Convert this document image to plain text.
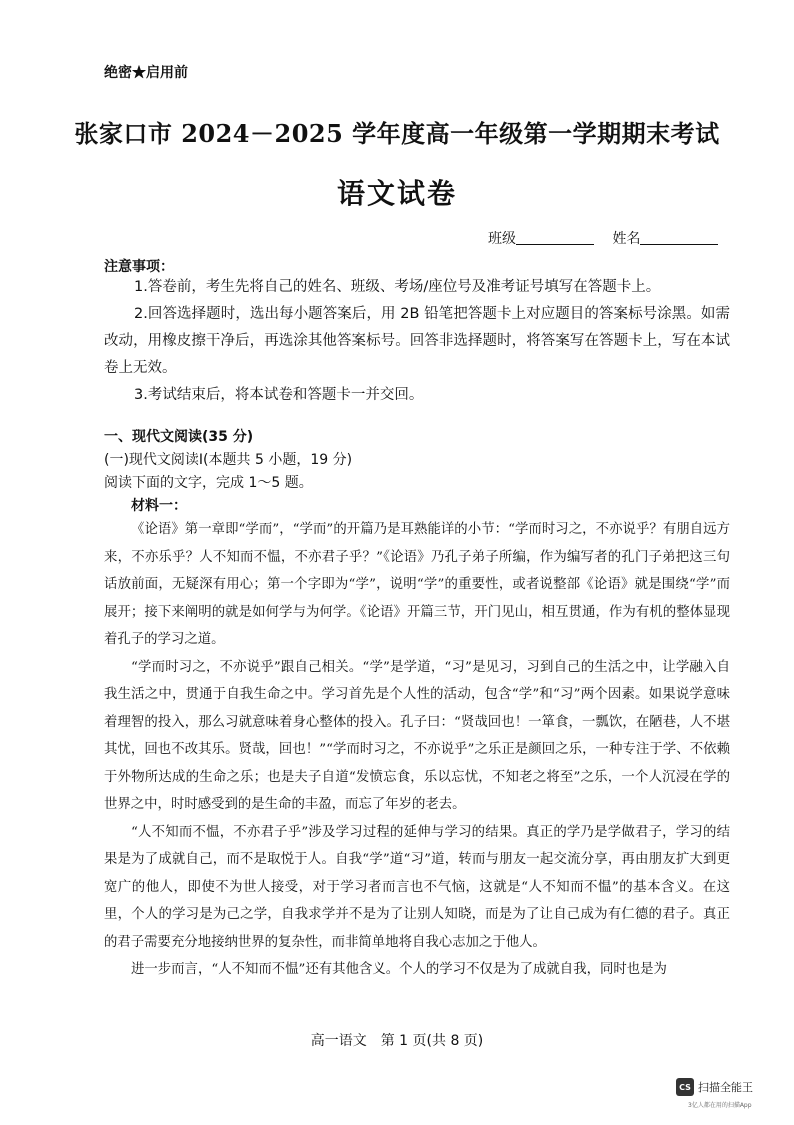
绝密★启用前
张家口市 2024－2025 学年度高一年级第一学期期末考试
语文试卷
班级	姓名
注意事项：

1.答卷前，考生先将自己的姓名、班级、考场/座位号及准考证号填写在答题卡上。

2.回答选择题时，选出每小题答案后，用 2B 铅笔把答题卡上对应题目的答案标号涂黑。如需改动，用橡皮擦干净后，再选涂其他答案标号。回答非选择题时，将答案写在答题卡上，写在本试卷上无效。

3.考试结束后，将本试卷和答题卡一并交回。

一、现代文阅读(35 分)
(一)现代文阅读Ⅰ(本题共 5 小题，19 分)
阅读下面的文字，完成 1～5 题。
材料一：

《论语》第一章即“学而”，“学而”的开篇乃是耳熟能详的小节：“学而时习之，不亦说乎？有朋自远方来，不亦乐乎？人不知而不愠，不亦君子乎？”《论语》乃孔子弟子所编，作为编写者的孔门子弟把这三句话放前面，无疑深有用心；第一个字即为“学”，说明“学”的重要性，或者说整部《论语》就是围绕“学”而展开；接下来阐明的就是如何学与为何学。《论语》开篇三节，开门见山，相互贯通，作为有机的整体显现着孔子的学习之道。

“学而时习之，不亦说乎”跟自己相关。“学”是学道，“习”是见习，习到自己的生活之中，让学融入自我生活之中，贯通于自我生命之中。学习首先是个人性的活动，包含“学”和“习”两个因素。如果说学意味着理智的投入，那么习就意味着身心整体的投入。孔子曰：“贤哉回也！一箪食，一瓢饮，在陋巷，人不堪其忧，回也不改其乐。贤哉，回也！”“学而时习之，不亦说乎”之乐正是颜回之乐，一种专注于学、不依赖于外物所达成的生命之乐；也是夫子自道“发愤忘食，乐以忘忧，不知老之将至”之乐，一个人沉浸在学的世界之中，时时感受到的是生命的丰盈，而忘了年岁的老去。

“人不知而不愠，不亦君子乎”涉及学习过程的延伸与学习的结果。真正的学乃是学做君子，学习的结果是为了成就自己，而不是取悦于人。自我“学”道“习”道，转而与朋友一起交流分享，再由朋友扩大到更宽广的他人，即使不为世人接受，对于学习者而言也不气恼，这就是“人不知而不愠”的基本含义。在这里，个人的学习是为己之学，自我求学并不是为了让别人知晓，而是为了让自己成为有仁德的君子。真正的君子需要充分地接纳世界的复杂性，而非简单地将自我心志加之于他人。

进一步而言，“人不知而不愠”还有其他含义。个人的学习不仅是为了成就自我，同时也是为

高一语文　第 1 页(共 8 页)
CS 扫描全能王
3亿人都在用的扫描App
